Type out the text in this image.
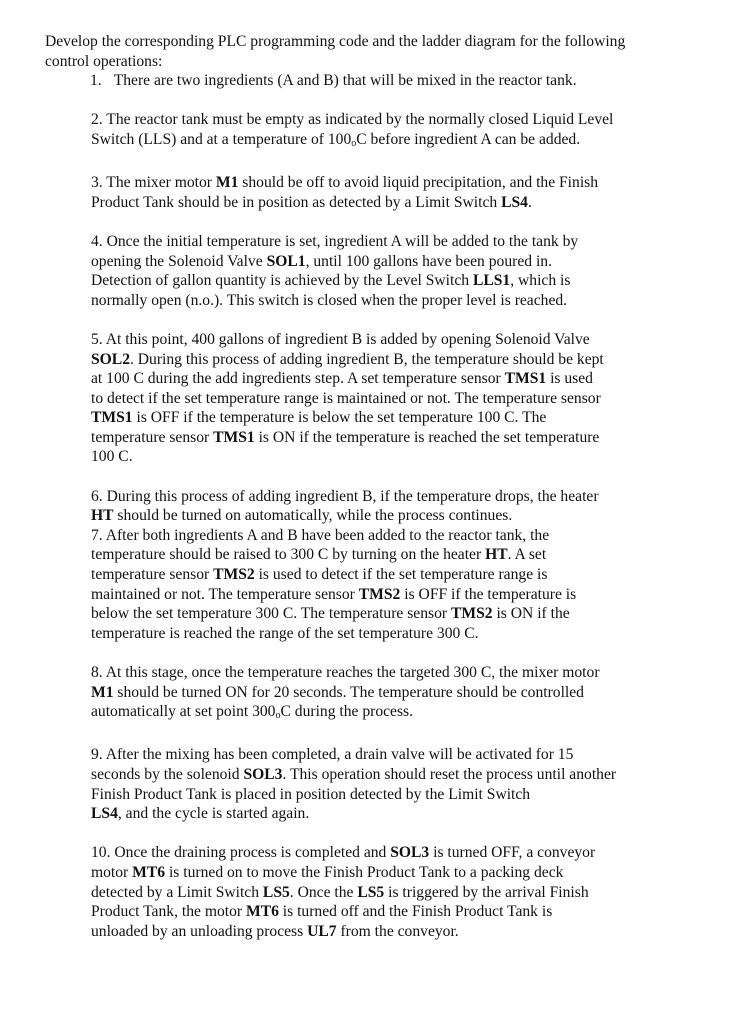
Develop the corresponding PLC programming code and the ladder diagram for the following
control operations:

1. There are two ingredients (A and B) that will be mixed in the reactor tank.

2. The reactor tank must be empty as indicated by the normally closed Liquid Level

Switch (LLS) and at a temperature of $100_oC$ before ingredient A can be added.

3. The mixer motor M1 should be off to avoid liquid precipitation, and the Finish

Product Tank should be in position as detected by a Limit Switch LS4.

4. Once the initial temperature is set, ingredient A will be added to the tank by

opening the Solenoid Valve SOL1, until 100 gallons have been poured in.

Detection of gallon quantity is achieved by the Level Switch LLS1, which is

normally open (n.o.). This switch is closed when the proper level is reached.

5. At this point, 400 gallons of ingredient B is added by opening Solenoid Valve

SOL2. During this process of adding ingredient B, the temperature should be kept

at 100 C during the add ingredients step. A set temperature sensor TMS1 is used

to detect if the set temperature range is maintained or not. The temperature sensor

TMS1 is OFF if the temperature is below the set temperature 100 C. The

temperature sensor TMS1 is ON if the temperature is reached the set temperature

100 C.

6. During this process of adding ingredient B, if the temperature drops, the heater

HT should be turned on automatically, while the process continues.

7. After both ingredients A and B have been added to the reactor tank, the

temperature should be raised to 300 C by turning on the heater HT. A set

temperature sensor TMS2 is used to detect if the set temperature range is

maintained or not. The temperature sensor TMS2 is OFF if the temperature is

below the set temperature 300 C. The temperature sensor TMS2 is ON if the

temperature is reached the range of the set temperature 300 C.

8. At this stage, once the temperature reaches the targeted 300 C, the mixer motor

M1 should be turned ON for 20 seconds. The temperature should be controlled

automatically at set point $300_oC$ during the process.

9. After the mixing has been completed, a drain valve will be activated for 15

seconds by the solenoid SOL3. This operation should reset the process until another

Finish Product Tank is placed in position detected by the Limit Switch

LS4, and the cycle is started again.

10. Once the draining process is completed and SOL3 is turned OFF, a conveyor

motor MT6 is turned on to move the Finish Product Tank to a packing deck

detected by a Limit Switch LS5. Once the LS5 is triggered by the arrival Finish

Product Tank, the motor MT6 is turned off and the Finish Product Tank is

unloaded by an unloading process UL7 from the conveyor.
